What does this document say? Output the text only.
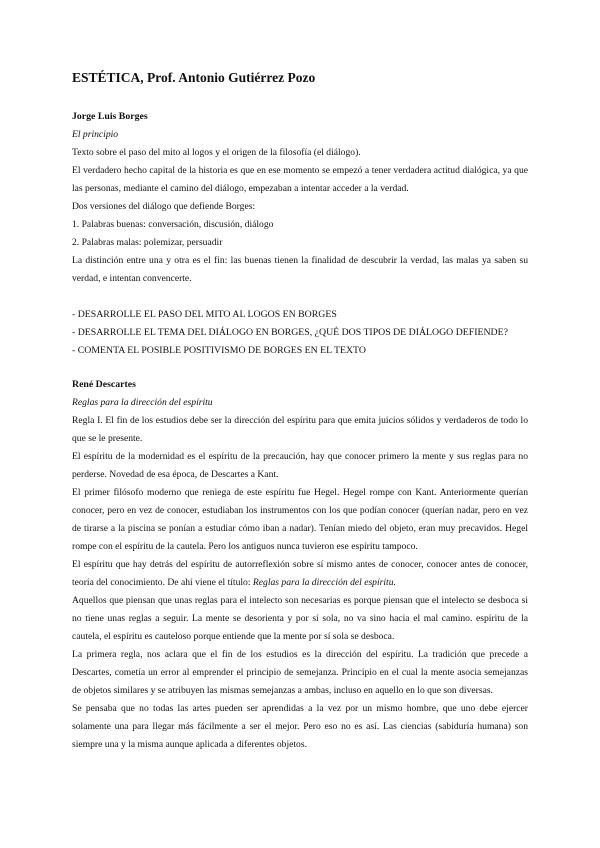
ESTÉTICA, Prof. Antonio Gutiérrez Pozo
Jorge Luis Borges
El principio

Texto sobre el paso del mito al logos y el origen de la filosofía (el diálogo).

El verdadero hecho capital de la historia es que en ese momento se empezó a tener verdadera actitud dialógica, ya que las personas, mediante el camino del diálogo, empezaban a intentar acceder a la verdad.

Dos versiones del diálogo que defiende Borges:

1. Palabras buenas: conversación, discusión, diálogo

2. Palabras malas: polemizar, persuadir

La distinción entre una y otra es el fin: las buenas tienen la finalidad de descubrir la verdad, las malas ya saben su verdad, e intentan convencerte.

- DESARROLLE EL PASO DEL MITO AL LOGOS EN BORGES
- DESARROLLE EL TEMA DEL DIÁLOGO EN BORGES, ¿QUÉ DOS TIPOS DE DIÁLOGO DEFIENDE?
- COMENTA EL POSIBLE POSITIVISMO DE BORGES EN EL TEXTO
René Descartes
Reglas para la dirección del espíritu

Regla I. El fin de los estudios debe ser la dirección del espíritu para que emita juicios sólidos y verdaderos de todo lo que se le presente.

El espíritu de la modernidad es el espíritu de la precaución, hay que conocer primero la mente y sus reglas para no perderse. Novedad de esa época, de Descartes a Kant.

El primer filósofo moderno que reniega de este espíritu fue Hegel. Hegel rompe con Kant. Anteriormente querían conocer, pero en vez de conocer, estudiaban los instrumentos con los que podían conocer (querían nadar, pero en vez de tirarse a la piscina se ponían a estudiar cómo iban a nadar). Tenían miedo del objeto, eran muy precavidos. Hegel rompe con el espíritu de la cautela. Pero los antiguos nunca tuvieron ese espíritu tampoco.

El espíritu que hay detrás del espíritu de autorreflexión sobre sí mismo antes de conocer, conocer antes de conocer, teoría del conocimiento. De ahí viene el título: Reglas para la dirección del espíritu.

Aquellos que piensan que unas reglas para el intelecto son necesarias es porque piensan que el intelecto se desboca si no tiene unas reglas a seguir. La mente se desorienta y por sí sola, no va sino hacia el mal camino. espíritu de la cautela, el espíritu es cauteloso porque entiende que la mente por sí sola se desboca.

La primera regla, nos aclara que el fin de los estudios es la dirección del espíritu. La tradición que precede a Descartes, cometía un error al emprender el principio de semejanza. Principio en el cual la mente asocia semejanzas de objetos similares y se atribuyen las mismas semejanzas a ambas, incluso en aquello en lo que son diversas.

Se pensaba que no todas las artes pueden ser aprendidas a la vez por un mismo hombre, que uno debe ejercer solamente una para llegar más fácilmente a ser el mejor. Pero eso no es así. Las ciencias (sabiduría humana) son siempre una y la misma aunque aplicada a diferentes objetos.
